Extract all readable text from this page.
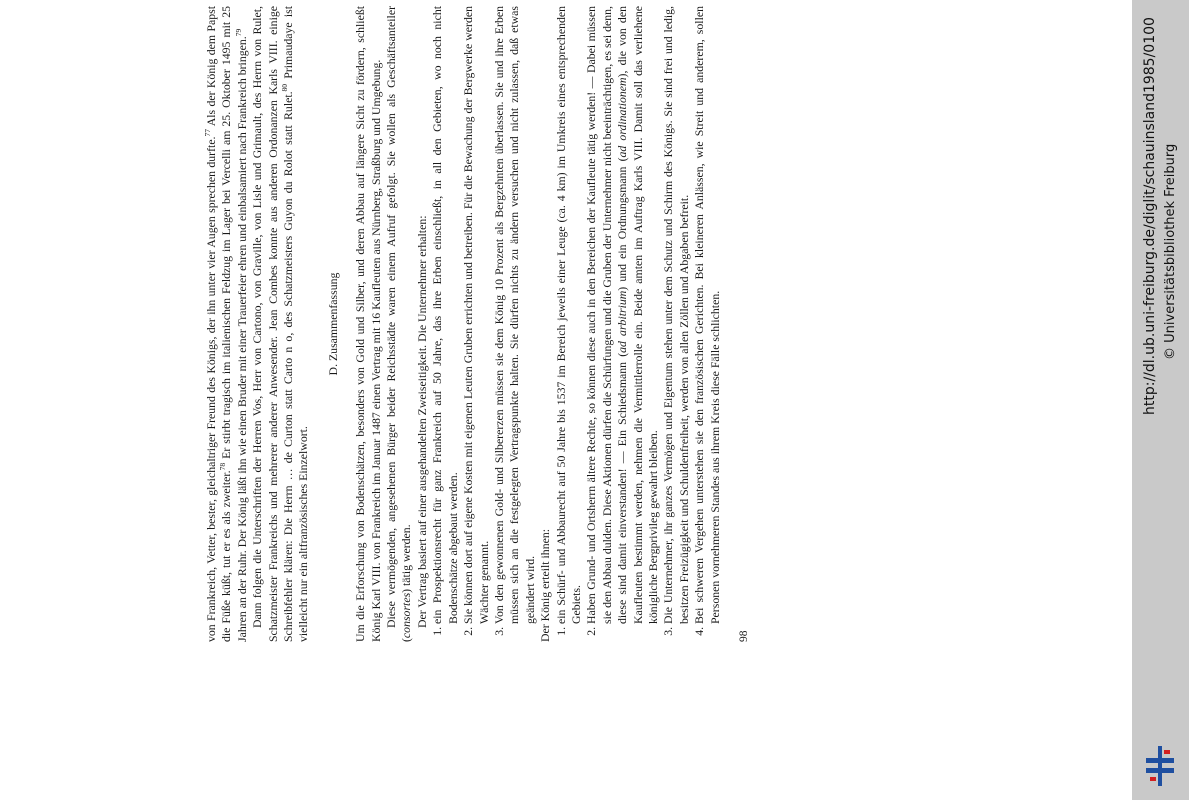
von Frankreich, Vetter, bester, gleichaltriger Freund des Königs, der ihn unter vier Augen sprechen durfte.$^{77}$ Als der König dem Papst die Füße küßt, tut er es als zweiter.$^{78}$ Er stirbt tragisch im italienischen Feldzug im Lager bei Vercelli am 25. Oktober 1495 mit 25 Jahren an der Ruhr. Der König läßt ihn wie einen Bruder mit einer Trauerfeier ehren und einbalsamiert nach Frankreich bringen.$^{79}$ Dann folgen die Unterschriften der Herren Vos, Herr von Cartono, von Graville, von Lisle und Grimault, des Herrn von Rulet, Schatzmeister Frankreichs und mehrerer anderer Anwesender. Jean Combes konnte aus anderen Ordonanzen Karls VIII. einige Schreibfehler klären: Die Herrn … de Curton statt Carto n o, des Schatzmeisters Guyon du Rolot statt Rulet.$^{80}$ Primaudaye ist vielleicht nur ein altfranzösisches Einzelwort.

D. Zusammenfassung Um die Erforschung von Bodenschätzen, besonders von Gold und Silber, und deren Abbau auf längere Sicht zu fördern, schließt König Karl VIII. von Frankreich im Januar 1487 einen Vertrag mit 16 Kaufleuten aus Nürnberg, Straßburg und Umgebung. Diese vermögenden, angesehenen Bürger beider Reichsstädte waren einem Aufruf gefolgt. Sie wollen als Geschäftsanteiler (consortes) tätig werden. Der Vertrag basiert auf einer ausgehandelten Zweiseitigkeit. Die Unternehmer erhalten: 1. ein Prospektionsrecht für ganz Frankreich auf 50 Jahre, das ihre Erben einschließt, in all den Gebieten, wo noch nicht Bodenschätze abgebaut werden. 2. Sie können dort auf eigene Kosten mit eigenen Leuten Gruben errichten und betreiben. Für die Bewachung der Bergwerke werden Wächter genannt. 3. Von den gewonnenen Gold- und Silbererzen müssen sie dem König 10 Prozent als Bergzehnten überlassen. Sie und ihre Erben müssen sich an die festgelegten Vertragspunkte halten. Sie dürfen nichts zu ändern versuchen und nicht zulassen, daß etwas geändert wird. Der König erteilt ihnen: 1. ein Schürf- und Abbaurecht auf 50 Jahre bis 1537 im Bereich jeweils einer Leuge (ca. 4 km) im Umkreis eines entsprechenden Gebiets. 2. Haben Grund- und Ortsherrn ältere Rechte, so können diese auch in den Bereichen der Kaufleute tätig werden! — Dabei müssen sie den Abbau dulden. Diese Aktionen dürfen die Schürfungen und die Gruben der Unternehmer nicht beeinträchtigen, es sei denn, diese sind damit einverstanden! — Ein Schiedsmann (ad arbitrium) und ein Ordnungsmann (ad ordinationem), die von den Kaufleuten bestimmt werden, nehmen die Vermittlerrolle ein. Beide amten im Auftrag Karls VIII. Damit soll das verliehene königliche Bergprivileg gewahrt bleiben. 3. Die Unternehmer, ihr ganzes Vermögen und Eigentum stehen unter dem Schutz und Schirm des Königs. Sie sind frei und ledig, besitzen Freizügigkeit und Schuldenfreiheit, werden von allen Zöllen und Abgaben befreit. 4. Bei schweren Vergehen unterstehen sie den französischen Gerichten. Bei kleineren Anlässen, wie Streit und anderem, sollen Personen vornehmeren Standes aus ihrem Kreis diese Fälle schlichten.
98
http://dl.ub.uni-freiburg.de/diglit/schauinsland1985/0100 © Universitätsbibliothek Freiburg
